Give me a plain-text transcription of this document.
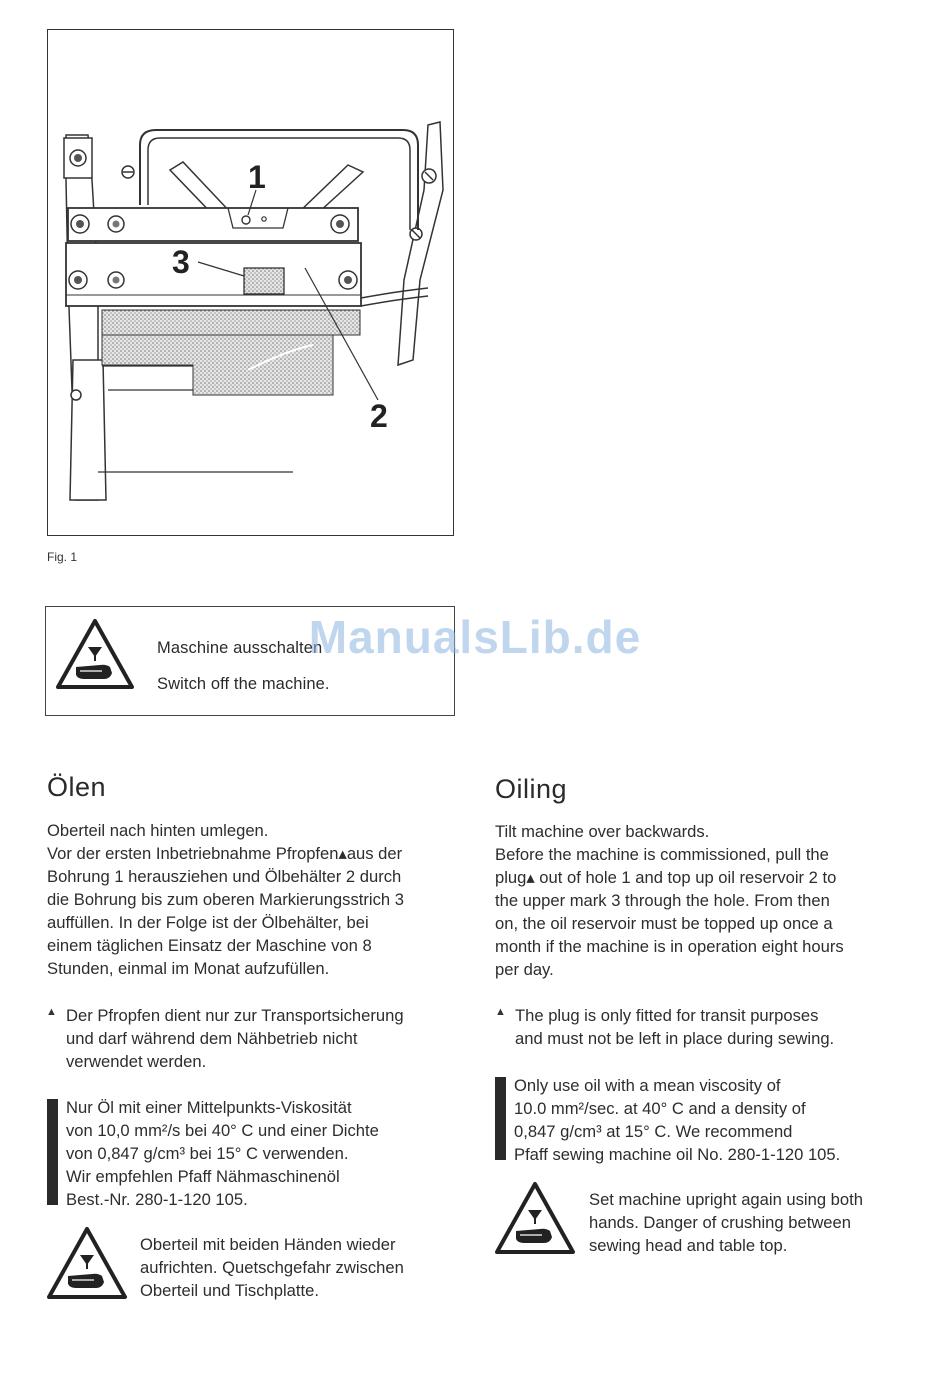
1
2
3
Fig. 1
Maschine ausschalten
Switch off the machine.
ManualsLib.de
Ölen
Oberteil nach hinten umlegen.
Vor der ersten Inbetriebnahme Pfropfen▴aus der
Bohrung 1 herausziehen und Ölbehälter 2 durch
die Bohrung bis zum oberen Markierungsstrich 3
auffüllen. In der Folge ist der Ölbehälter, bei
einem täglichen Einsatz der Maschine von 8
Stunden, einmal im Monat aufzufüllen.
▲ Der Pfropfen dient nur zur Transportsicherung
und darf während dem Nähbetrieb nicht
verwendet werden.
Nur Öl mit einer Mittelpunkts-Viskosität
von 10,0 mm²/s bei 40° C und einer Dichte
von 0,847 g/cm³ bei 15° C verwenden.
Wir empfehlen Pfaff Nähmaschinenöl
Best.-Nr. 280-1-120 105.
Oberteil mit beiden Händen wieder
aufrichten. Quetschgefahr zwischen
Oberteil und Tischplatte.
Oiling
Tilt machine over backwards.
Before the machine is commissioned, pull the
plug▴ out of hole 1 and top up oil reservoir 2 to
the upper mark 3 through the hole. From then
on, the oil reservoir must be topped up once a
month if the machine is in operation eight hours
per day.
▲ The plug is only fitted for transit purposes
and must not be left in place during sewing.
Only use oil with a mean viscosity of
10.0 mm²/sec. at 40° C and a density of
0,847 g/cm³ at 15° C. We recommend
Pfaff sewing machine oil No. 280-1-120 105.
Set machine upright again using both
hands. Danger of crushing between
sewing head and table top.
